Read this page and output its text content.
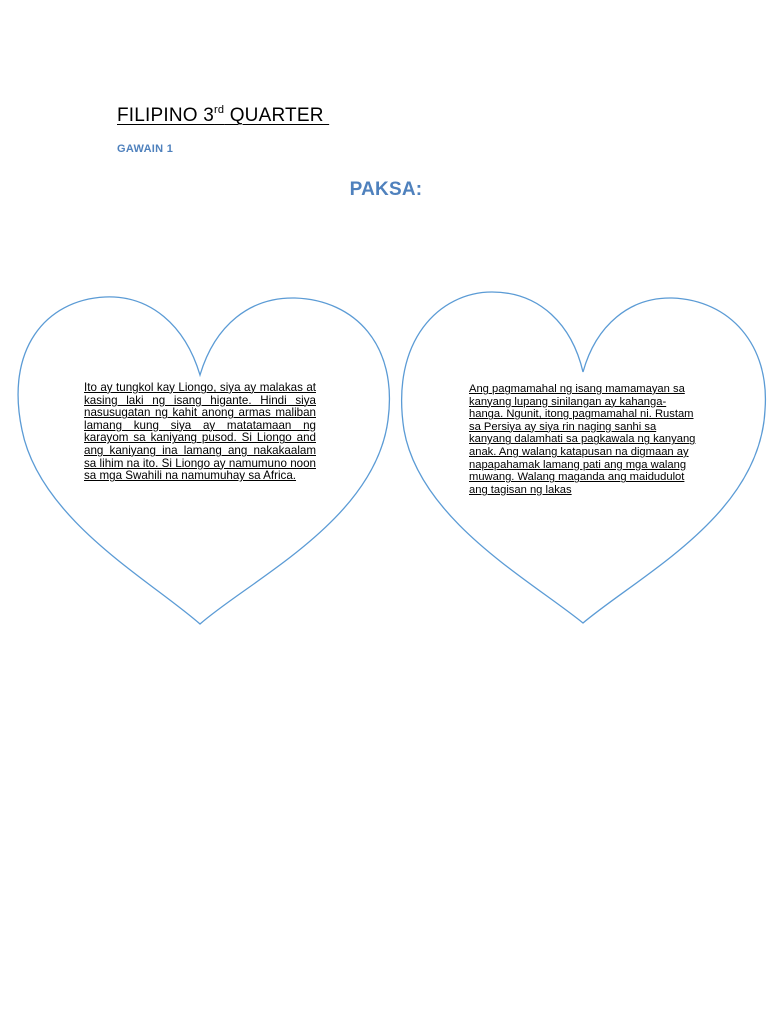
FILIPINO 3rd QUARTER
GAWAIN 1
PAKSA:
Ito ay tungkol kay Liongo, siya ay malakas at kasing laki ng isang higante. Hindi siya nasusugatan ng kahit anong armas maliban lamang kung siya ay matatamaan ng karayom sa kaniyang pusod. Si Liongo and ang kaniyang ina lamang ang nakakaalam sa lihim na ito. Si Liongo ay namumuno noon sa mga Swahili na namumuhay sa Africa.
Ang pagmamahal ng isang mamamayan sa kanyang lupang sinilangan ay kahanga-hanga. Ngunit, itong pagmamahal ni. Rustam sa Persiya ay siya rin naging sanhi sa kanyang dalamhati sa pagkawala ng kanyang anak. Ang walang katapusan na digmaan ay napapahamak lamang pati ang mga walang muwang. Walang maganda ang maidudulot ang tagisan ng lakas
